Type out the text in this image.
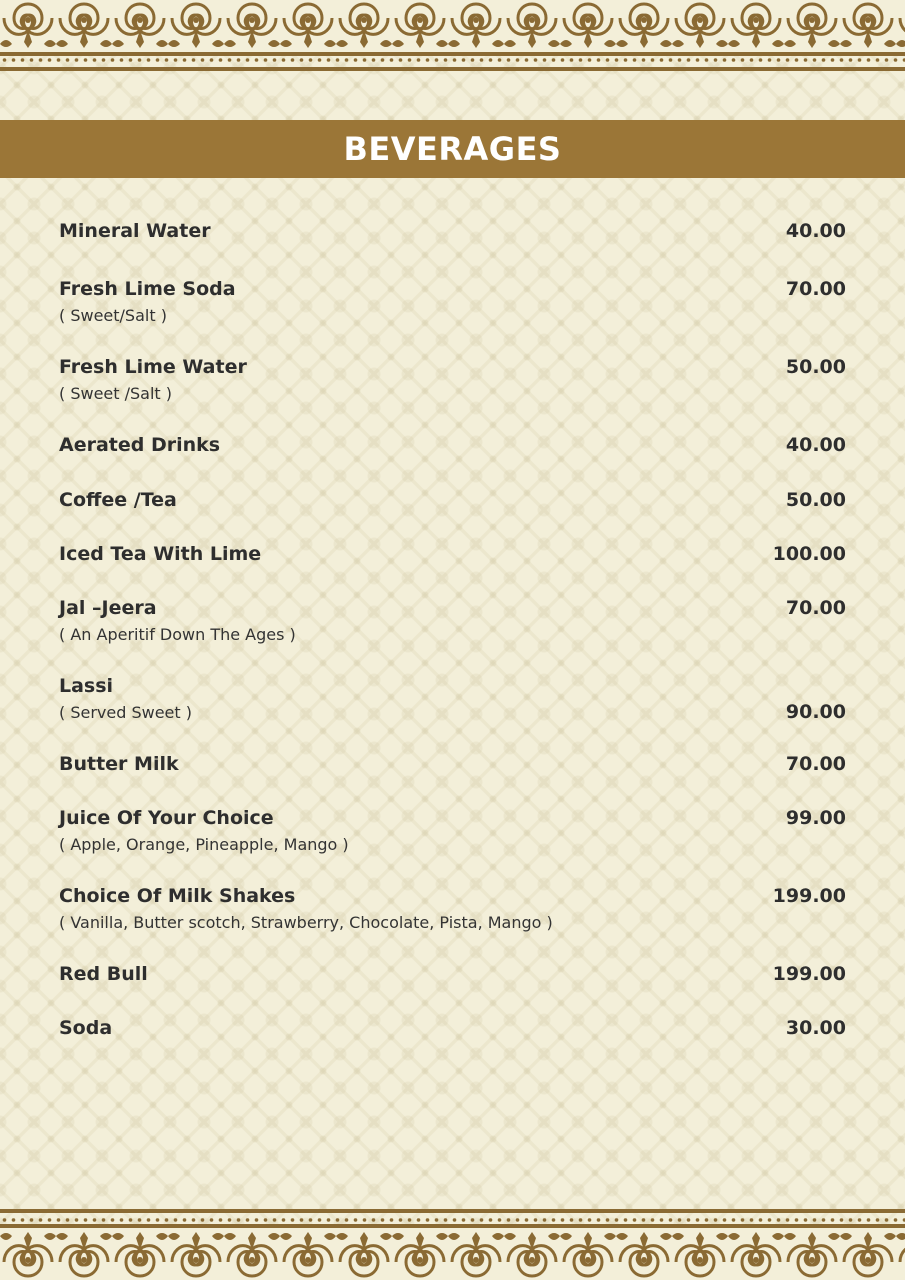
BEVERAGES
Mineral Water	40.00
Fresh Lime Soda	70.00
( Sweet/Salt )
Fresh Lime Water	50.00
( Sweet /Salt )
Aerated Drinks	40.00
Coffee /Tea	50.00
Iced Tea With Lime	100.00
Jal –Jeera	70.00
( An Aperitif Down The Ages )
Lassi
( Served Sweet )	90.00
Butter Milk	70.00
Juice Of Your Choice	99.00
( Apple, Orange, Pineapple, Mango )
Choice Of Milk Shakes	199.00
( Vanilla, Butter scotch, Strawberry, Chocolate, Pista, Mango )
Red Bull	199.00
Soda	30.00
